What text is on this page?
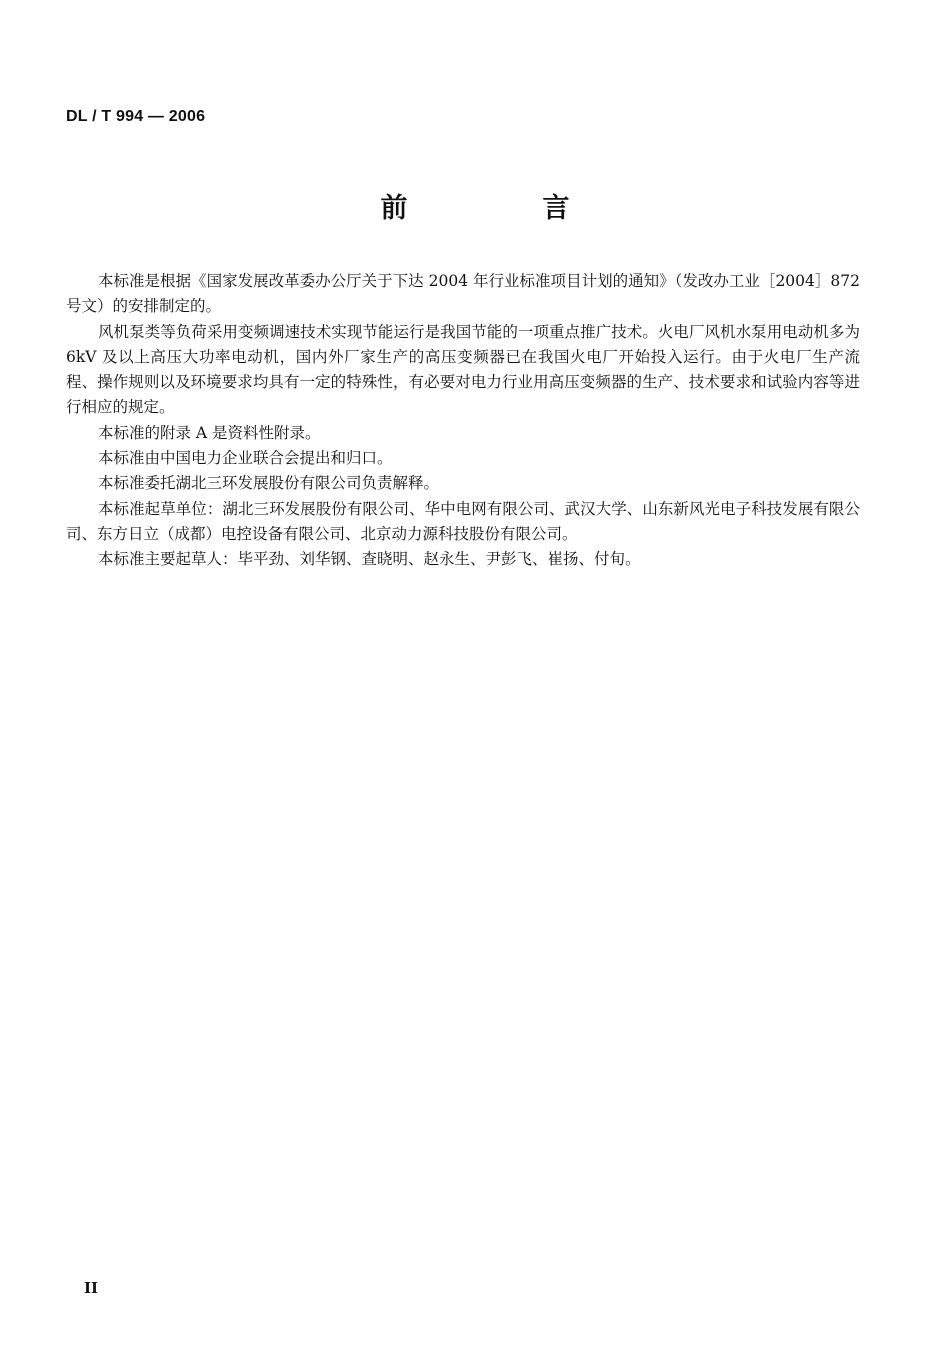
DL / T 994 — 2006
前　言

本标准是根据《国家发展改革委办公厅关于下达 2004 年行业标准项目计划的通知》（发改办工业［2004］872 号文）的安排制定的。

风机泵类等负荷采用变频调速技术实现节能运行是我国节能的一项重点推广技术。火电厂风机水泵用电动机多为 6kV 及以上高压大功率电动机，国内外厂家生产的高压变频器已在我国火电厂开始投入运行。由于火电厂生产流程、操作规则以及环境要求均具有一定的特殊性，有必要对电力行业用高压变频器的生产、技术要求和试验内容等进行相应的规定。

本标准的附录 A 是资料性附录。

本标准由中国电力企业联合会提出和归口。

本标准委托湖北三环发展股份有限公司负责解释。

本标准起草单位：湖北三环发展股份有限公司、华中电网有限公司、武汉大学、山东新风光电子科技发展有限公司、东方日立（成都）电控设备有限公司、北京动力源科技股份有限公司。

本标准主要起草人：毕平劲、刘华钢、查晓明、赵永生、尹彭飞、崔扬、付旬。

II
